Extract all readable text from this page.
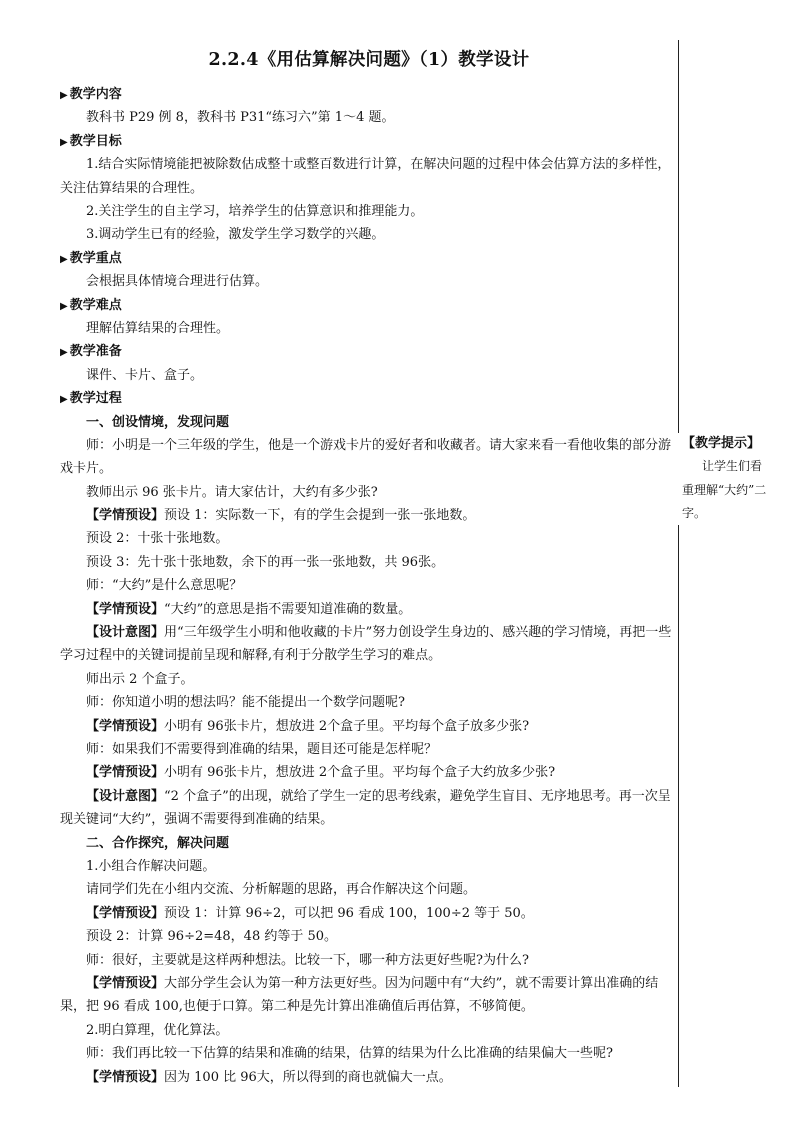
2.2.4《用估算解决问题》（1）教学设计
▶ 教学内容
教科书 P29 例 8，教科书 P31“练习六”第 1～4 题。
▶ 教学目标
1.结合实际情境能把被除数估成整十或整百数进行计算，在解决问题的过程中体会估算方法的多样性，关注估算结果的合理性。
2.关注学生的自主学习，培养学生的估算意识和推理能力。
3.调动学生已有的经验，激发学生学习数学的兴趣。
▶ 教学重点
会根据具体情境合理进行估算。
▶ 教学难点
理解估算结果的合理性。
▶ 教学准备
课件、卡片、盒子。
▶ 教学过程
一、创设情境，发现问题
师：小明是一个三年级的学生，他是一个游戏卡片的爱好者和收藏者。请大家来看一看他收集的部分游戏卡片。
教师出示 96 张卡片。请大家估计，大约有多少张?
【学情预设】预设 1：实际数一下，有的学生会提到一张一张地数。
预设 2：十张十张地数。
预设 3：先十张十张地数，余下的再一张一张地数，共 96张。
师：“大约”是什么意思呢？
【学情预设】“大约”的意思是指不需要知道准确的数量。
【设计意图】用“三年级学生小明和他收藏的卡片”努力创设学生身边的、感兴趣的学习情境，再把一些学习过程中的关键词提前呈现和解释,有利于分散学生学习的难点。
师出示 2 个盒子。
师：你知道小明的想法吗？能不能提出一个数学问题呢?
【学情预设】小明有 96张卡片，想放进 2个盒子里。平均每个盒子放多少张?
师：如果我们不需要得到准确的结果，题目还可能是怎样呢？
【学情预设】小明有 96张卡片，想放进 2个盒子里。平均每个盒子大约放多少张?
【设计意图】“2 个盒子”的出现，就给了学生一定的思考线索，避免学生盲目、无序地思考。再一次呈现关键词“大约”，强调不需要得到准确的结果。
二、合作探究，解决问题
1.小组合作解决问题。
请同学们先在小组内交流、分析解题的思路，再合作解决这个问题。
【学情预设】预设 1：计算 96÷2，可以把 96 看成 100，100÷2 等于 50。
预设 2：计算 96÷2=48，48 约等于 50。
师：很好，主要就是这样两种想法。比较一下，哪一种方法更好些呢?为什么?
【学情预设】大部分学生会认为第一种方法更好些。因为问题中有“大约”，就不需要计算出准确的结果，把 96 看成 100,也便于口算。第二种是先计算出准确值后再估算，不够简便。
2.明白算理，优化算法。
师：我们再比较一下估算的结果和准确的结果，估算的结果为什么比准确的结果偏大一些呢?
【学情预设】因为 100 比 96大，所以得到的商也就偏大一点。
【教学提示】
让学生们看
重理解“大约”二
字。
